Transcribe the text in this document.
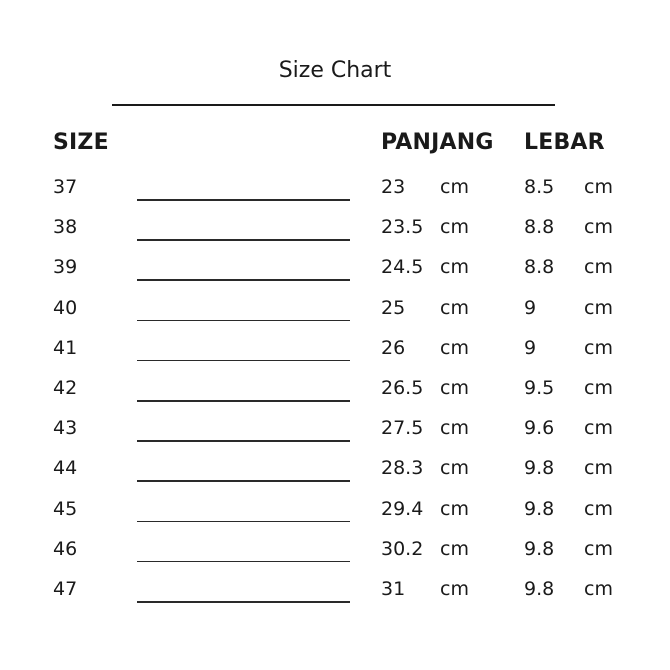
Size Chart
SIZE	PANJANG LEBAR
37	23 cm	8.5 cm
38	23.5 cm	8.8 cm
39	24.5 cm	8.8 cm
40	25 cm	9	cm
41	26 cm	9	cm
42	26.5 cm	9.5 cm
43	27.5 cm	9.6 cm
44	28.3 cm	9.8 cm
45	29.4 cm	9.8 cm
46	30.2 cm	9.8 cm
47	31 cm	9.8 cm
